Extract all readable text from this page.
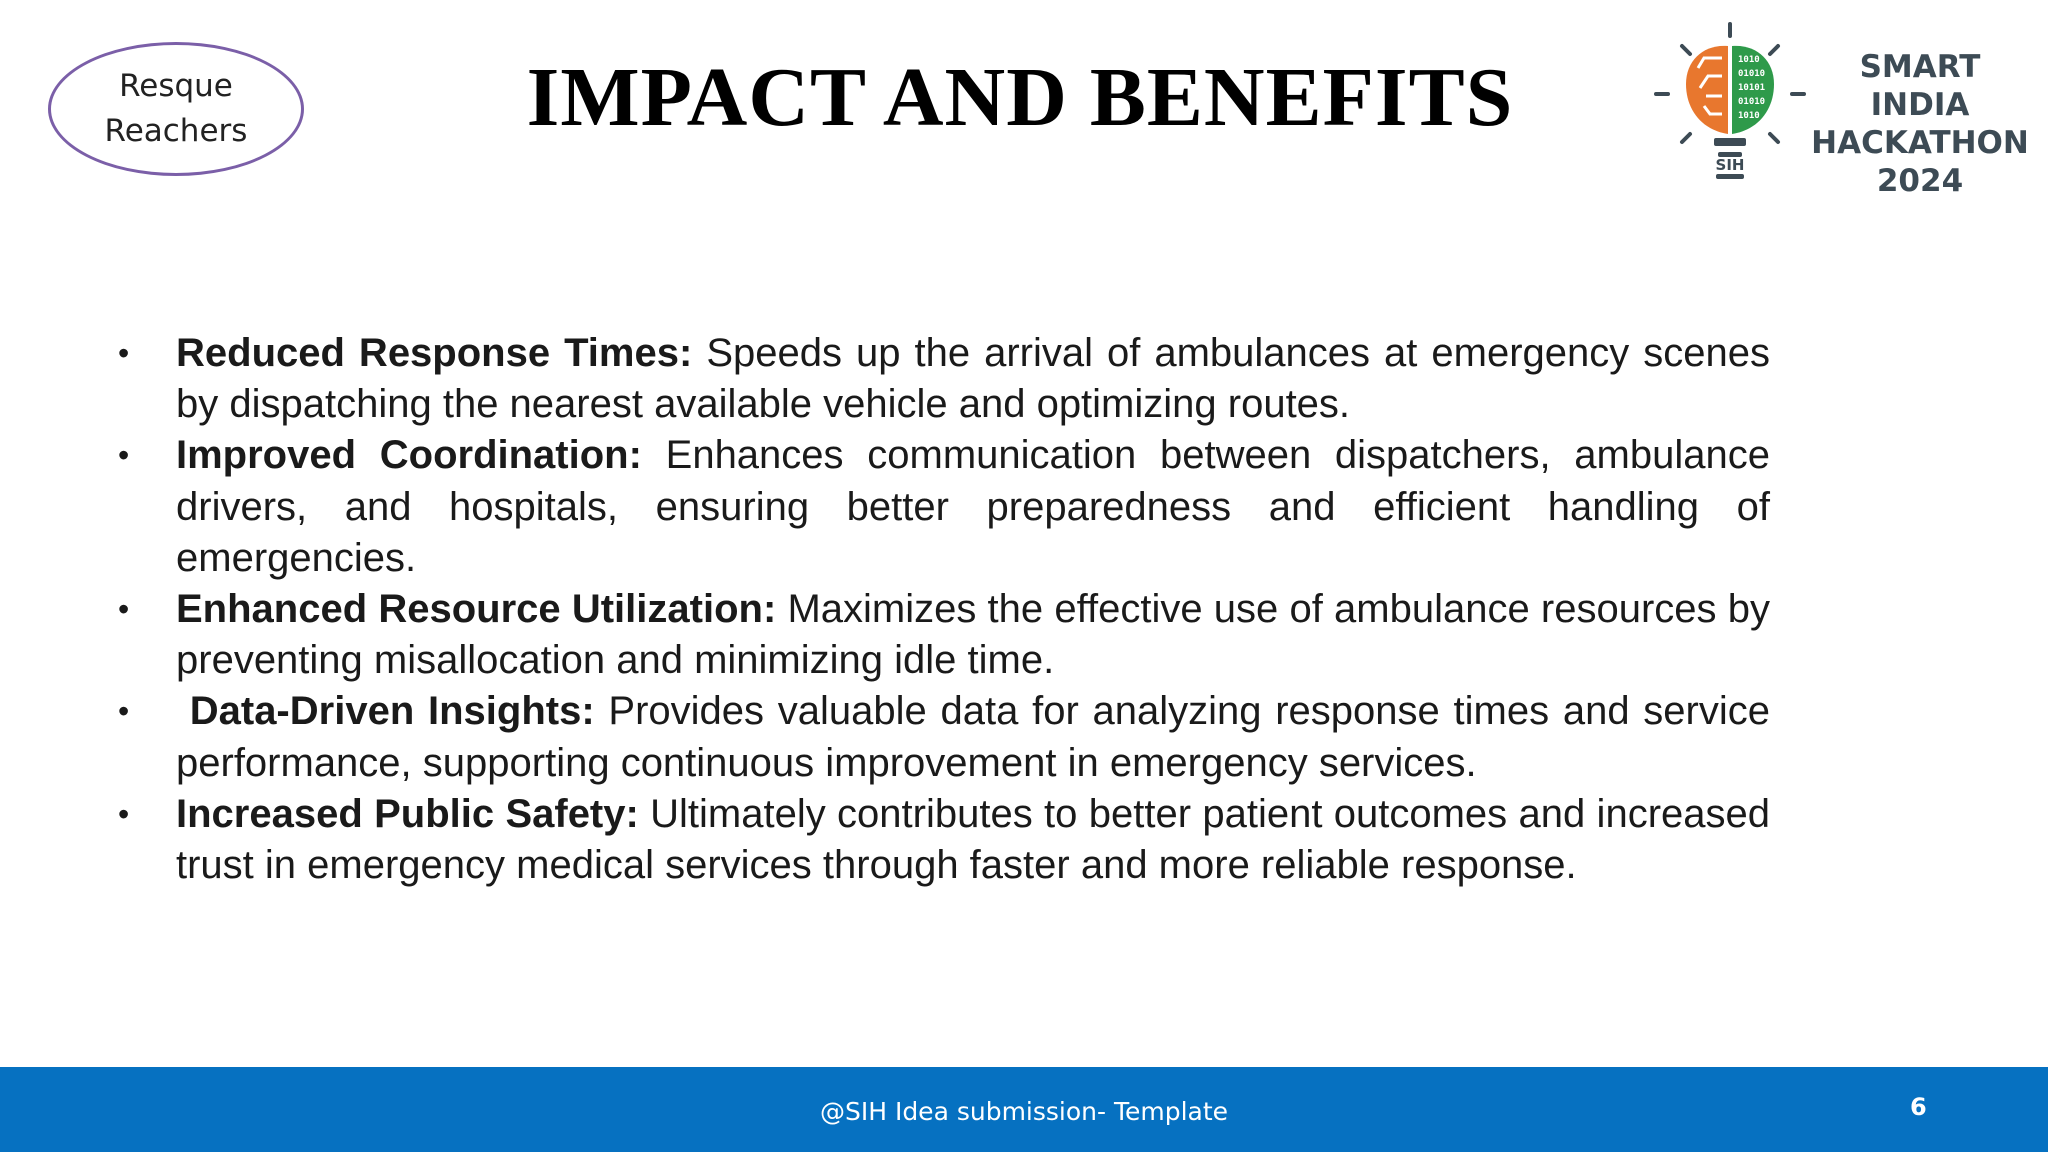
Resque
Reachers	IMPACT AND BENEFITS	1010
01010
10101
01010
1010
SIH
SMART INDIA
HACKATHON
2024
• Reduced Response Times: Speeds up the arrival of ambulances at emergency scenes by dispatching the nearest available vehicle and optimizing routes.
• Improved Coordination: Enhances communication between dispatchers, ambulance drivers, and hospitals, ensuring better preparedness and efficient handling of emergencies.
• Enhanced Resource Utilization: Maximizes the effective use of ambulance resources by preventing misallocation and minimizing idle time.
• Data-Driven Insights: Provides valuable data for analyzing response times and service performance, supporting continuous improvement in emergency services.
• Increased Public Safety: Ultimately contributes to better patient outcomes and increased trust in emergency medical services through faster and more reliable response.
@SIH Idea submission- Template	6
